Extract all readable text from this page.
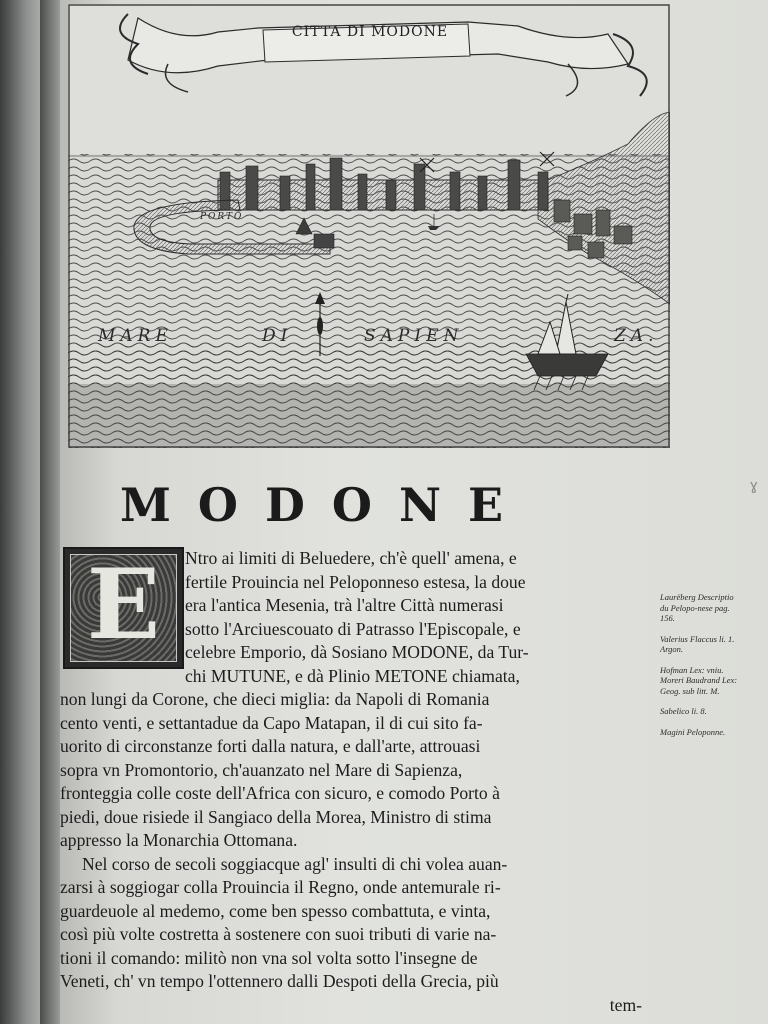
CITTA DI MODONE
PORTO
MARE	DI	SAPIEN	ZA.
ɣ
MODONE
E	Ntro ai limiti di Beluedere, ch'è quell' amena, e
fertile Prouincia nel Peloponneso estesa, la doue
era l'antica Mesenia, trà l'altre Città numerasi
sotto l'Arciuescouato di Patrasso l'Episcopale, e
celebre Emporio, dà Sosiano MODONE, da Tur-
chi MUTUNE, e dà Plinio METONE chiamata,
non lungi da Corone, che dieci miglia: da Napoli di Romania
cento venti, e settantadue da Capo Matapan, il di cui sito fa-
uorito di circonstanze forti dalla natura, e dall'arte, attrouasi
sopra vn Promontorio, ch'auanzato nel Mare di Sapienza,
fronteggia colle coste dell'Africa con sicuro, e comodo Porto à
piedi, doue risiede il Sangiaco della Morea, Ministro di stima
appresso la Monarchia Ottomana.
Nel corso de secoli soggiacque agl' insulti di chi volea auan-
zarsi à soggiogar colla Prouincia il Regno, onde antemurale ri-
guardeuole al medemo, come ben spesso combattuta, e vinta,
così più volte costretta à sostenere con suoi tributi di varie na-
tioni il comando: militò non vna sol volta sotto l'insegne de
Veneti, ch' vn tempo l'ottennero dalli Despoti della Grecia, più
tem-
Laurëberg Descriptio du Pelopo-nese pag. 156.
Valerius Flaccus li. 1. Argon.
Hofman Lex: vniu. Moreri Baudrand Lex: Geog. sub litt. M.
Sabelico li. 8.
Magini Peloponne.
